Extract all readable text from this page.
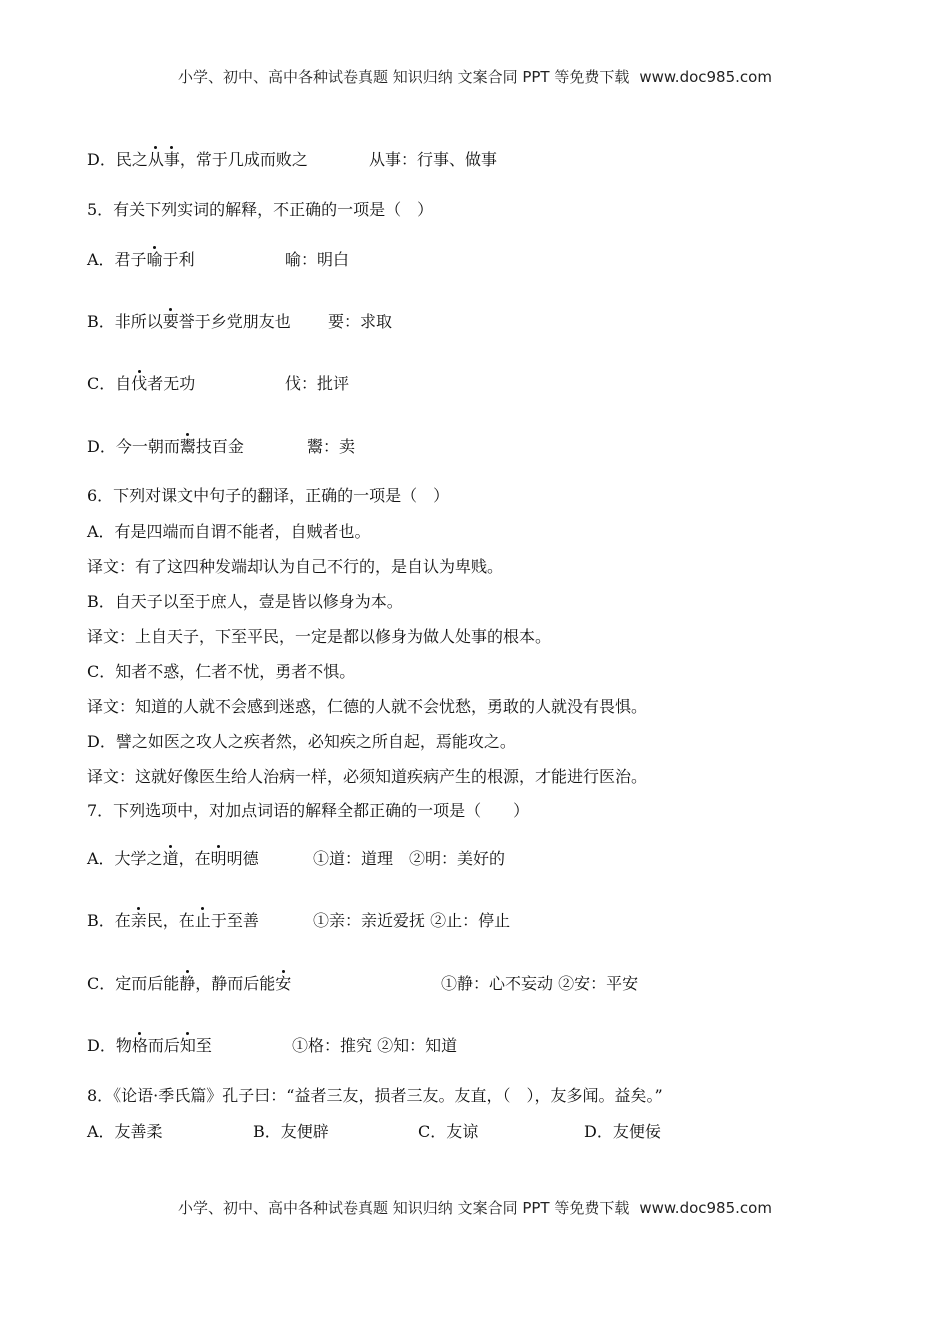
小学、初中、高中各种试卷真题 知识归纳 文案合同 PPT 等免费下载 www.doc985.com
D．民之从事，常于几成而败之	从事：行事、做事
5．有关下列实词的解释，不正确的一项是（　）
A．君子喻于利	喻：明白
B．非所以要誉于乡党朋友也 要：求取
C．自伐者无功	伐：批评
D．今一朝而鬻技百金	鬻：卖
6．下列对课文中句子的翻译，正确的一项是（　）
A．有是四端而自谓不能者，自贼者也。
译文：有了这四种发端却认为自己不行的，是自认为卑贱。
B．自天子以至于庶人，壹是皆以修身为本。
译文：上自天子，下至平民，一定是都以修身为做人处事的根本。
C．知者不惑，仁者不忧，勇者不惧。
译文：知道的人就不会感到迷惑，仁德的人就不会忧愁，勇敢的人就没有畏惧。
D．譬之如医之攻人之疾者然，必知疾之所自起，焉能攻之。
译文：这就好像医生给人治病一样，必须知道疾病产生的根源，才能进行医治。
7．下列选项中，对加点词语的解释全都正确的一项是（　　）
A．大学之道，在明明德	①道：道理　②明：美好的
B．在亲民，在止于至善	①亲：亲近爱抚 ②止：停止
C．定而后能静，静而后能安	①静：心不妄动 ②安：平安
D．物格而后知至	①格：推究 ②知：知道
8．《论语·季氏篇》孔子曰：“益者三友，损者三友。友直，（　），友多闻。益矣。”
A．友善柔	B．友便辟	C．友谅	D．友便佞
小学、初中、高中各种试卷真题 知识归纳 文案合同 PPT 等免费下载 www.doc985.com
